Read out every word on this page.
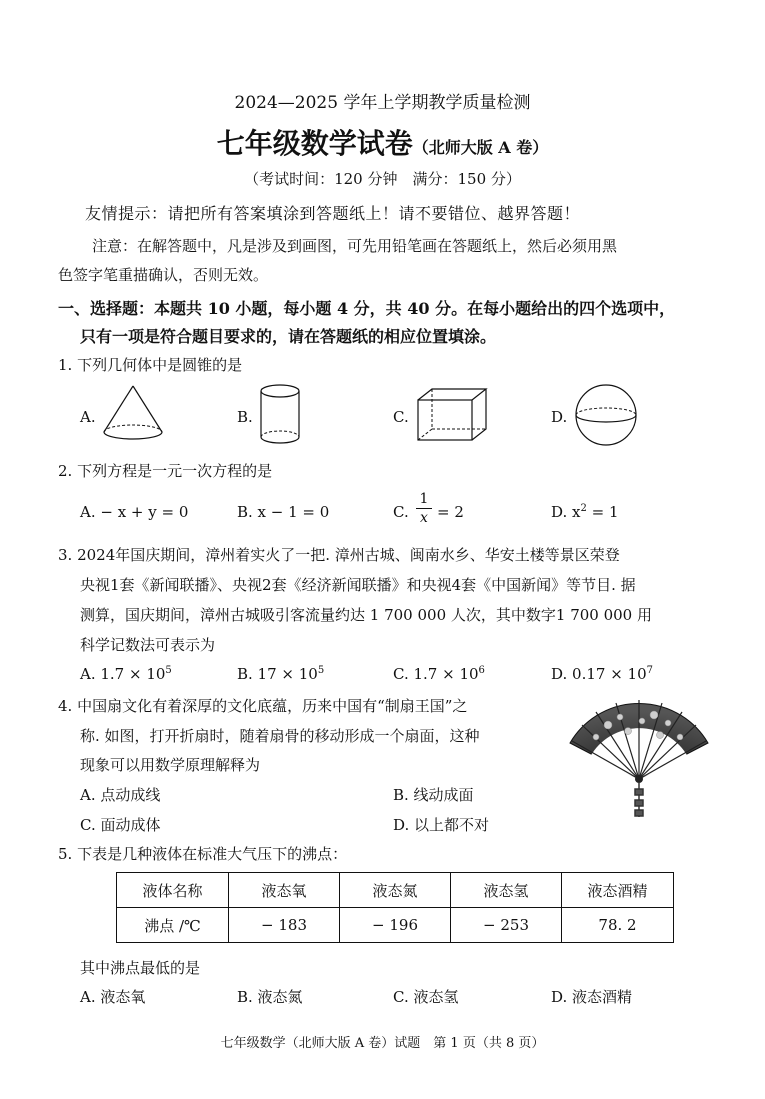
2024—2025 学年上学期教学质量检测
七年级数学试卷（北师大版 A 卷）
（考试时间：120 分钟　满分：150 分）
友情提示：请把所有答案填涂到答题纸上！请不要错位、越界答题！
注意：在解答题中，凡是涉及到画图，可先用铅笔画在答题纸上，然后必须用黑
色签字笔重描确认，否则无效。
一、选择题：本题共 10 小题，每小题 4 分，共 40 分。在每小题给出的四个选项中，
只有一项是符合题目要求的，请在答题纸的相应位置填涂。
1. 下列几何体中是圆锥的是
A.	B.	C.	D.
2. 下列方程是一元一次方程的是
A. − x + y = 0	B. x − 1 = 0	C.
1
x = 2	D. $x^2 = 1$
3. 2024年国庆期间，漳州着实火了一把. 漳州古城、闽南水乡、华安土楼等景区荣登
央视1套《新闻联播》、央视2套《经济新闻联播》和央视4套《中国新闻》等节目. 据
测算，国庆期间，漳州古城吸引客流量约达 1 700 000 人次，其中数字1 700 000 用
科学记数法可表示为
A. $1.7 \times 10^5$	B. $17 \times 10^5$	C. $1.7 \times 10^6$	D. $0.17 \times 10^7$
4. 中国扇文化有着深厚的文化底蕴，历来中国有“制扇王国”之
称. 如图，打开折扇时，随着扇骨的移动形成一个扇面，这种
现象可以用数学原理解释为
A. 点动成线	B. 线动成面
C. 面动成体	D. 以上都不对
5. 下表是几种液体在标准大气压下的沸点：
液体名称	液态氧	液态氮	液态氢	液态酒精
沸点 /℃	− 183	− 196	− 253	78. 2
其中沸点最低的是
A. 液态氧	B. 液态氮	C. 液态氢	D. 液态酒精
七年级数学（北师大版 A 卷）试题　第 1 页（共 8 页）
